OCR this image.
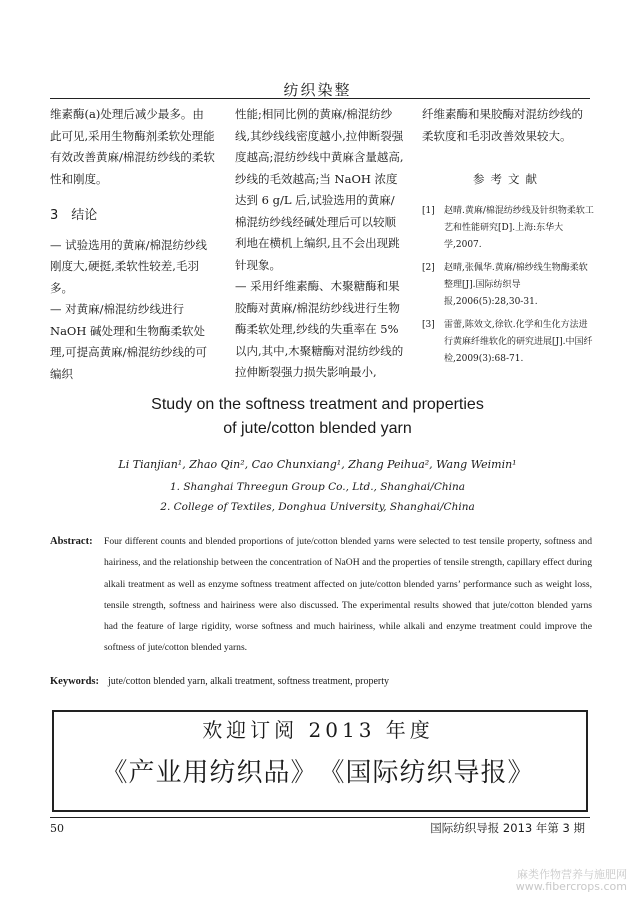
纺织染整

维素酶(a)处理后减少最多。由此可见,采用生物酶剂柔软处理能有效改善黄麻/棉混纺纱线的柔软性和刚度。

3　结论

— 试验选用的黄麻/棉混纺纱线刚度大,硬挺,柔软性较差,毛羽多。

— 对黄麻/棉混纺纱线进行 NaOH 碱处理和生物酶柔软处理,可提高黄麻/棉混纺纱线的可编织

性能;相同比例的黄麻/棉混纺纱线,其纱线线密度越小,拉伸断裂强度越高;混纺纱线中黄麻含量越高,纱线的毛效越高;当 NaOH 浓度达到 6 g/L 后,试验选用的黄麻/棉混纺纱线经碱处理后可以较顺利地在横机上编织,且不会出现跳针现象。

— 采用纤维素酶、木聚糖酶和果胶酶对黄麻/棉混纺纱线进行生物酶柔软处理,纱线的失重率在 5% 以内,其中,木聚糖酶对混纺纱线的拉伸断裂强力损失影响最小,

纤维素酶和果胶酶对混纺纱线的柔软度和毛羽改善效果较大。

参考文献

[1]	赵晴.黄麻/棉混纺纱线及针织物柔软工艺和性能研究[D].上海:东华大学,2007.
[2]	赵晴,张佩华.黄麻/棉纱线生物酶柔软整理[J].国际纺织导报,2006(5):28,30-31.
[3]	雷蕾,陈效文,徐钦.化学和生化方法进行黄麻纤维软化的研究进展[J].中国纤检,2009(3):68-71.
Study on the softness treatment and properties
of jute/cotton blended yarn
Li Tianjian¹, Zhao Qin², Cao Chunxiang¹, Zhang Peihua², Wang Weimin¹
1. Shanghai Threegun Group Co., Ltd., Shanghai/China
2. College of Textiles, Donghua University, Shanghai/China
Abstract: Four different counts and blended proportions of jute/cotton blended yarns were selected to test tensile property, softness and hairiness, and the relationship between the concentration of NaOH and the properties of tensile strength, capillary effect during alkali treatment as well as enzyme softness treatment affected on jute/cotton blended yarns’ performance such as weight loss, tensile strength, softness and hairiness were also discussed. The experimental results showed that jute/cotton blended yarns had the feature of large rigidity, worse softness and much hairiness, while alkali and enzyme treatment could improve the softness of jute/cotton blended yarns.
Keywords: jute/cotton blended yarn, alkali treatment, softness treatment, property
欢迎订阅 2013 年度
《产业用纺织品》　《国际纺织导报》
50	国际纺织导报 2013 年第 3 期
麻类作物营养与施肥网
www.fibercrops.com
